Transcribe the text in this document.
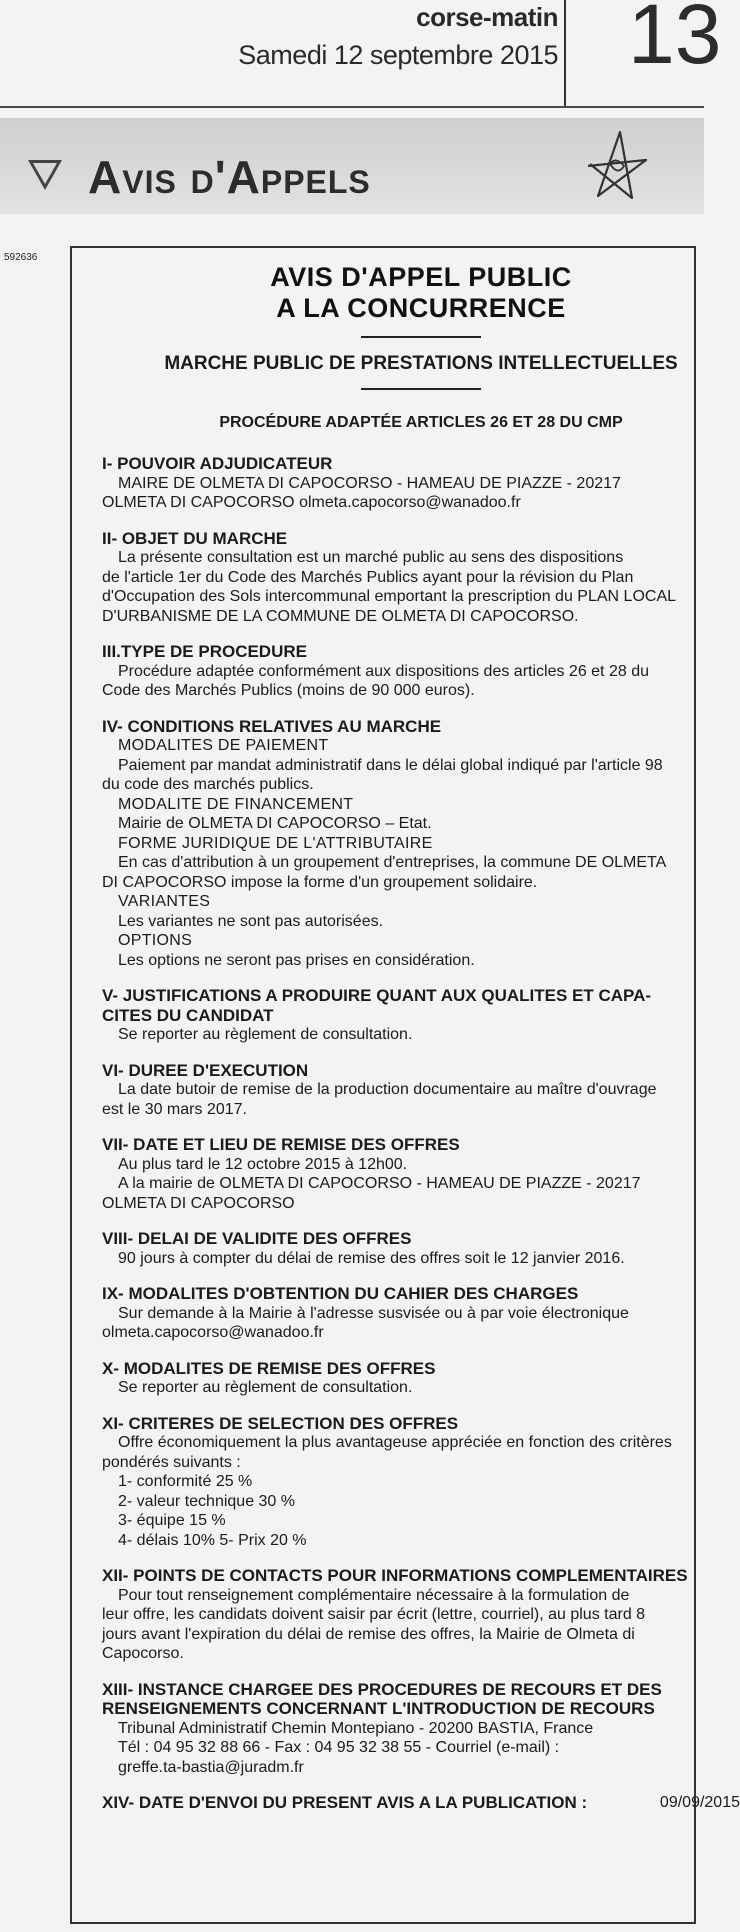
corse-matin
Samedi 12 septembre 2015 13
Avis d'Appels
592636

AVIS D'APPEL PUBLIC

A LA CONCURRENCE

MARCHE PUBLIC DE PRESTATIONS INTELLECTUELLES

PROCÉDURE ADAPTÉE ARTICLES 26 ET 28 DU CMP

I- POUVOIR ADJUDICATEUR

MAIRE DE OLMETA DI CAPOCORSO - HAMEAU DE PIAZZE - 20217

OLMETA DI CAPOCORSO olmeta.capocorso@wanadoo.fr

II- OBJET DU MARCHE

La présente consultation est un marché public au sens des dispositions

de l'article 1er du Code des Marchés Publics ayant pour la révision du Plan

d'Occupation des Sols intercommunal emportant la prescription du PLAN LOCAL

D'URBANISME DE LA COMMUNE DE OLMETA DI CAPOCORSO.

III.TYPE DE PROCEDURE

Procédure adaptée conformément aux dispositions des articles 26 et 28 du

Code des Marchés Publics (moins de 90 000 euros).

IV- CONDITIONS RELATIVES AU MARCHE

MODALITES DE PAIEMENT

Paiement par mandat administratif dans le délai global indiqué par l'article 98

du code des marchés publics.

MODALITE DE FINANCEMENT

Mairie de OLMETA DI CAPOCORSO – Etat.

FORME JURIDIQUE DE L'ATTRIBUTAIRE

En cas d'attribution à un groupement d'entreprises, la commune DE OLMETA

DI CAPOCORSO impose la forme d'un groupement solidaire.

VARIANTES

Les variantes ne sont pas autorisées.

OPTIONS

Les options ne seront pas prises en considération.

V- JUSTIFICATIONS A PRODUIRE QUANT AUX QUALITES ET CAPA-

CITES DU CANDIDAT

Se reporter au règlement de consultation.

VI- DUREE D'EXECUTION

La date butoir de remise de la production documentaire au maître d'ouvrage

est le 30 mars 2017.

VII- DATE ET LIEU DE REMISE DES OFFRES

Au plus tard le 12 octobre 2015 à 12h00.

A la mairie de OLMETA DI CAPOCORSO - HAMEAU DE PIAZZE - 20217

OLMETA DI CAPOCORSO

VIII- DELAI DE VALIDITE DES OFFRES

90 jours à compter du délai de remise des offres soit le 12 janvier 2016.

IX- MODALITES D'OBTENTION DU CAHIER DES CHARGES

Sur demande à la Mairie à l'adresse susvisée ou à par voie électronique

olmeta.capocorso@wanadoo.fr

X- MODALITES DE REMISE DES OFFRES

Se reporter au règlement de consultation.

XI- CRITERES DE SELECTION DES OFFRES

Offre économiquement la plus avantageuse appréciée en fonction des critères

pondérés suivants :

1- conformité 25 %

2- valeur technique 30 %

3- équipe 15 %

4- délais 10% 5- Prix 20 %

XII- POINTS DE CONTACTS POUR INFORMATIONS COMPLEMENTAIRES

Pour tout renseignement complémentaire nécessaire à la formulation de

leur offre, les candidats doivent saisir par écrit (lettre, courriel), au plus tard 8

jours avant l'expiration du délai de remise des offres, la Mairie de Olmeta di

Capocorso.

XIII- INSTANCE CHARGEE DES PROCEDURES DE RECOURS ET DES

RENSEIGNEMENTS CONCERNANT L'INTRODUCTION DE RECOURS

Tribunal Administratif Chemin Montepiano - 20200 BASTIA, France

Tél : 04 95 32 88 66 - Fax : 04 95 32 38 55 - Courriel (e-mail) :

greffe.ta-bastia@juradm.fr

XIV- DATE D'ENVOI DU PRESENT AVIS A LA PUBLICATION :	09/09/2015
